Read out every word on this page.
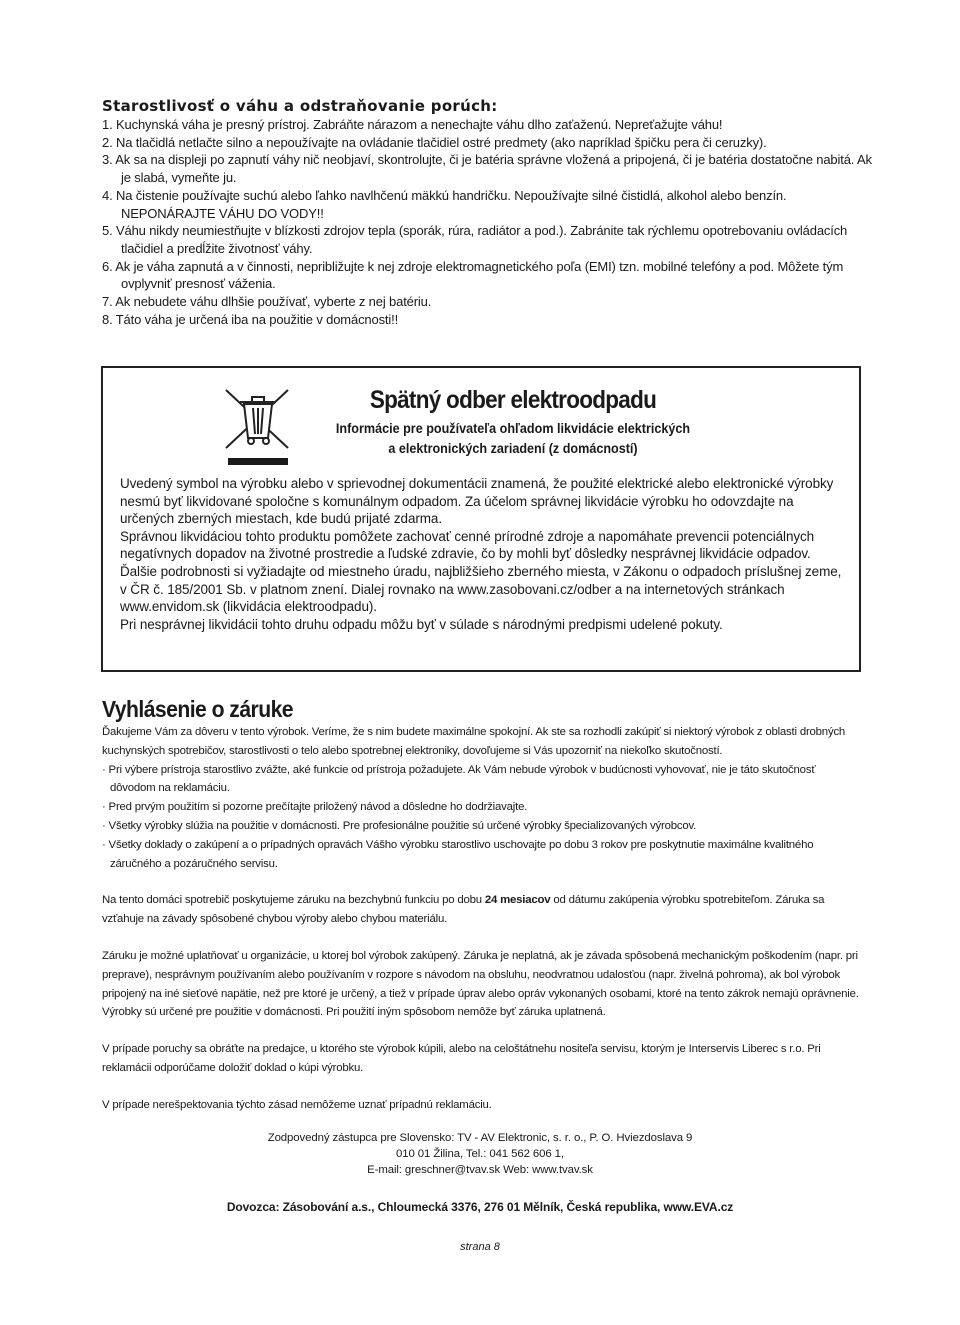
Starostlivosť o váhu a odstraňovanie porúch:
1. Kuchynská váha je presný prístroj. Zabráňte nárazom a nenechajte váhu dlho zaťaženú. Nepreťažujte váhu!
2. Na tlačidlá netlačte silno a nepoužívajte na ovládanie tlačidiel ostré predmety (ako napríklad špičku pera či ceruzky).
3. Ak sa na displeji po zapnutí váhy nič neobjaví, skontrolujte, či je batéria správne vložená a pripojená, či je batéria dostatočne nabitá. Ak je slabá, vymeňte ju.
4. Na čistenie používajte suchú alebo ľahko navlhčenú mäkkú handričku. Nepoužívajte silné čistidlá, alkohol alebo benzín. NEPONÁRAJTE VÁHU DO VODY!!
5. Váhu nikdy neumiestňujte v blízkosti zdrojov tepla (sporák, rúra, radiátor a pod.). Zabránite tak rýchlemu opotrebovaniu ovládacích tlačidiel a predĺžite životnosť váhy.
6. Ak je váha zapnutá a v činnosti, nepribližujte k nej zdroje elektromagnetického poľa (EMI) tzn. mobilné telefóny a pod. Môžete tým ovplyvniť presnosť váženia.
7. Ak nebudete váhu dlhšie používať, vyberte z nej batériu.
8. Táto váha je určená iba na použitie v domácnosti!!
Spätný odber elektroodpadu
Informácie pre používateľa ohľadom likvidácie elektrických
a elektronických zariadení (z domácností)

Uvedený symbol na výrobku alebo v sprievodnej dokumentácii znamená, že použité elektrické alebo elektronické výrobky nesmú byť likvidované spoločne s komunálnym odpadom. Za účelom správnej likvidácie výrobku ho odovzdajte na určených zberných miestach, kde budú prijaté zdarma.

Správnou likvidáciou tohto produktu pomôžete zachovať cenné prírodné zdroje a napomáhate prevencii potenciálnych negatívnych dopadov na životné prostredie a ľudské zdravie, čo by mohli byť dôsledky nesprávnej likvidácie odpadov.

Ďalšie podrobnosti si vyžiadajte od miestneho úradu, najbližšieho zberného miesta, v Zákonu o odpadoch príslušnej zeme, v ČR č. 185/2001 Sb. v platnom znení. Dialej rovnako na www.zasobovani.cz/odber a na internetových stránkach www.envidom.sk (likvidácia elektroodpadu).

Pri nesprávnej likvidácii tohto druhu odpadu môžu byť v súlade s národnými predpismi udelené pokuty.

Vyhlásenie o záruke

Ďakujeme Vám za dôveru v tento výrobok. Veríme, že s nim budete maximálne spokojní. Ak ste sa rozhodli zakúpiť si niektorý výrobok z oblasti drobných kuchynských spotrebičov, starostlivosti o telo alebo spotrebnej elektroniky, dovoľujeme si Vás upozorniť na niekoľko skutočností.

· Pri výbere prístroja starostlivo zvážte, aké funkcie od prístroja požadujete. Ak Vám nebude výrobok v budúcnosti vyhovovať, nie je táto skutočnosť dôvodom na reklamáciu.
· Pred prvým použitím si pozorne prečítajte priložený návod a dôsledne ho dodržiavajte.
· Všetky výrobky slúžia na použitie v domácnosti. Pre profesionálne použitie sú určené výrobky špecializovaných výrobcov.
· Všetky doklady o zakúpení a o prípadných opravách Vášho výrobku starostlivo uschovajte po dobu 3 rokov pre poskytnutie maximálne kvalitného záručného a pozáručného servisu.

Na tento domáci spotrebič poskytujeme záruku na bezchybnú funkciu po dobu 24 mesiacov od dátumu zakúpenia výrobku spotrebiteľom. Záruka sa vzťahuje na závady spôsobené chybou výroby alebo chybou materiálu.

Záruku je možné uplatňovať u organizácie, u ktorej bol výrobok zakúpený. Záruka je neplatná, ak je závada spôsobená mechanickým poškodením (napr. pri preprave), nesprávnym používaním alebo používaním v rozpore s návodom na obsluhu, neodvratnou udalosťou (napr. živelná pohroma), ak bol výrobok pripojený na iné sieťové napätie, než pre ktoré je určený, a tiež v prípade úprav alebo opráv vykonaných osobami, ktoré na tento zákrok nemajú oprávnenie. Výrobky sú určené pre použitie v domácnosti. Pri použití iným spôsobom nemôže byť záruka uplatnená.

V prípade poruchy sa obráťte na predajce, u ktorého ste výrobok kúpili, alebo na celoštátnehu nositeľa servisu, ktorým je Interservis Liberec s r.o. Pri reklamácii odporúčame doložiť doklad o kúpi výrobku.

V prípade nerešpektovania týchto zásad nemôžeme uznať prípadnú reklamáciu.

Zodpovedný zástupca pre Slovensko: TV - AV Elektronic, s. r. o., P. O. Hviezdoslava 9
010 01 Žilina, Tel.: 041 562 606 1,
E-mail: greschner@tvav.sk Web: www.tvav.sk
Dovozca: Zásobování a.s., Chloumecká 3376, 276 01 Mělník, Česká republika, www.EVA.cz
strana 8
